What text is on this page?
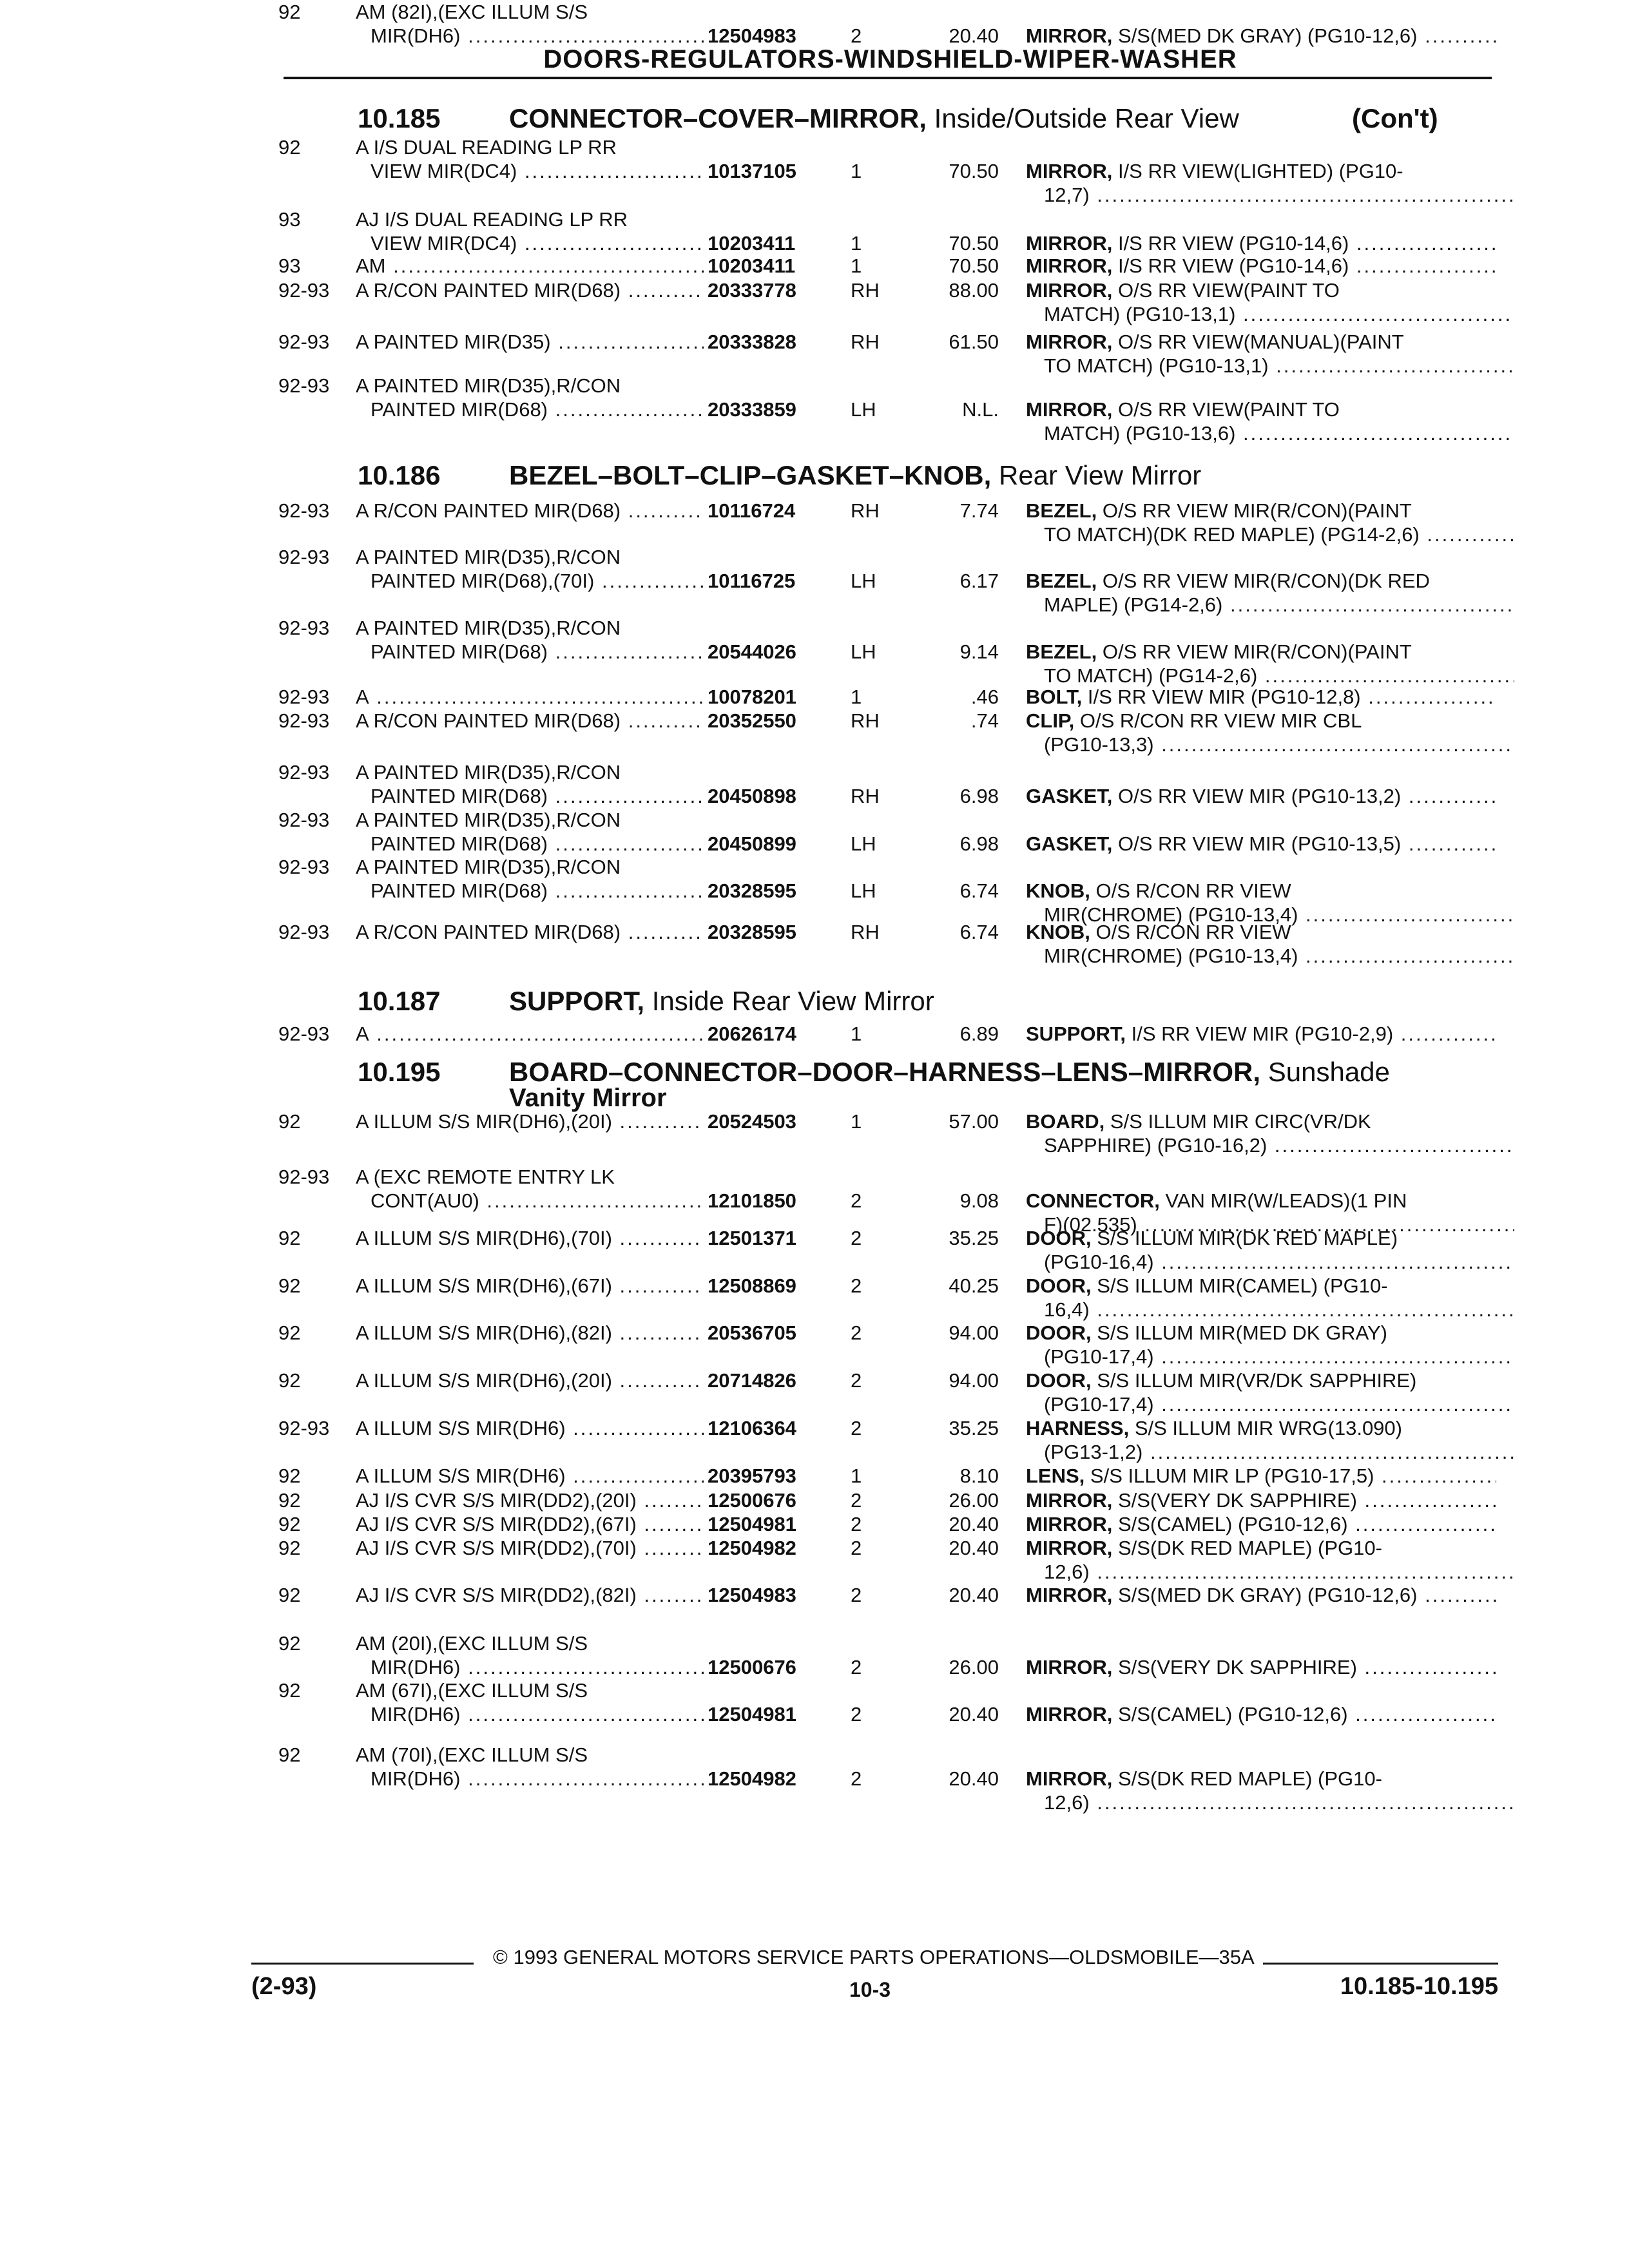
DOORS-REGULATORS-WINDSHIELD-WIPER-WASHER
10.185	CONNECTOR–COVER–MIRROR, Inside/Outside Rear View	(Con't)
10.186	BEZEL–BOLT–CLIP–GASKET–KNOB, Rear View Mirror
10.187	SUPPORT, Inside Rear View Mirror
10.195	BOARD–CONNECTOR–DOOR–HARNESS–LENS–MIRROR, Sunshade
Vanity Mirror
92	A I/S DUAL READING LP RR
VIEW MIR(DC4) .....	10137105	1	70.50 MIRROR, I/S RR VIEW(LIGHTED) (PG10-
12,7) .....
93	AJ I/S DUAL READING LP RR
VIEW MIR(DC4) .....	10203411	1	70.50 MIRROR, I/S RR VIEW (PG10-14,6) .....
93	AM .....	10203411	1	70.50 MIRROR, I/S RR VIEW (PG10-14,6) .....
92-93	A R/CON PAINTED MIR(D68) .....	20333778	RH	88.00 MIRROR, O/S RR VIEW(PAINT TO
MATCH) (PG10-13,1) .....
92-93	A PAINTED MIR(D35) .....	20333828	RH	61.50 MIRROR, O/S RR VIEW(MANUAL)(PAINT
TO MATCH) (PG10-13,1) .....
92-93	A PAINTED MIR(D35),R/CON
PAINTED MIR(D68) .....	20333859	LH	N.L. MIRROR, O/S RR VIEW(PAINT TO
MATCH) (PG10-13,6) .....
92-93	A R/CON PAINTED MIR(D68) .....	10116724	RH	7.74 BEZEL, O/S RR VIEW MIR(R/CON)(PAINT
TO MATCH)(DK RED MAPLE) (PG14-2,6) .....
92-93	A PAINTED MIR(D35),R/CON
PAINTED MIR(D68),(70I) .....	10116725	LH	6.17 BEZEL, O/S RR VIEW MIR(R/CON)(DK RED
MAPLE) (PG14-2,6) .....
92-93	A PAINTED MIR(D35),R/CON
PAINTED MIR(D68) .....	20544026	LH	9.14 BEZEL, O/S RR VIEW MIR(R/CON)(PAINT
TO MATCH) (PG14-2,6) .....
92-93	A .....	10078201	1	.46 BOLT, I/S RR VIEW MIR (PG10-12,8) .....
92-93	A R/CON PAINTED MIR(D68) .....	20352550	RH	.74 CLIP, O/S R/CON RR VIEW MIR CBL
(PG10-13,3) .....
92-93	A PAINTED MIR(D35),R/CON
PAINTED MIR(D68) .....	20450898	RH	6.98 GASKET, O/S RR VIEW MIR (PG10-13,2) .....
92-93	A PAINTED MIR(D35),R/CON
PAINTED MIR(D68) .....	20450899	LH	6.98 GASKET, O/S RR VIEW MIR (PG10-13,5) .....
92-93	A PAINTED MIR(D35),R/CON
PAINTED MIR(D68) .....	20328595	LH	6.74 KNOB, O/S R/CON RR VIEW
MIR(CHROME) (PG10-13,4) .....
92-93	A R/CON PAINTED MIR(D68) .....	20328595	RH	6.74 KNOB, O/S R/CON RR VIEW
MIR(CHROME) (PG10-13,4) .....
92-93	A .....	20626174	1	6.89 SUPPORT, I/S RR VIEW MIR (PG10-2,9) .....
92	A ILLUM S/S MIR(DH6),(20I) .....	20524503	1	57.00 BOARD, S/S ILLUM MIR CIRC(VR/DK
SAPPHIRE) (PG10-16,2) .....
92-93	A (EXC REMOTE ENTRY LK
CONT(AU0) .....	12101850	2	9.08 CONNECTOR, VAN MIR(W/LEADS)(1 PIN
F)(02.535) .....
92	A ILLUM S/S MIR(DH6),(70I) .....	12501371	2	35.25 DOOR, S/S ILLUM MIR(DK RED MAPLE)
(PG10-16,4) .....
92	A ILLUM S/S MIR(DH6),(67I) .....	12508869	2	40.25 DOOR, S/S ILLUM MIR(CAMEL) (PG10-
16,4) .....
92	A ILLUM S/S MIR(DH6),(82I) .....	20536705	2	94.00 DOOR, S/S ILLUM MIR(MED DK GRAY)
(PG10-17,4) .....
92	A ILLUM S/S MIR(DH6),(20I) .....	20714826	2	94.00 DOOR, S/S ILLUM MIR(VR/DK SAPPHIRE)
(PG10-17,4) .....
92-93	A ILLUM S/S MIR(DH6) .....	12106364	2	35.25 HARNESS, S/S ILLUM MIR WRG(13.090)
(PG13-1,2) .....
92	A ILLUM S/S MIR(DH6) .....	20395793	1	8.10 LENS, S/S ILLUM MIR LP (PG10-17,5) .....
92	AJ I/S CVR S/S MIR(DD2),(20I) .....	12500676	2	26.00 MIRROR, S/S(VERY DK SAPPHIRE) .....
92	AJ I/S CVR S/S MIR(DD2),(67I) .....	12504981	2	20.40 MIRROR, S/S(CAMEL) (PG10-12,6) .....
92	AJ I/S CVR S/S MIR(DD2),(70I) .....	12504982	2	20.40 MIRROR, S/S(DK RED MAPLE) (PG10-
12,6) .....
92	AJ I/S CVR S/S MIR(DD2),(82I) .....	12504983	2	20.40 MIRROR, S/S(MED DK GRAY) (PG10-12,6) .....
92	AM (20I),(EXC ILLUM S/S
MIR(DH6) .....	12500676	2	26.00 MIRROR, S/S(VERY DK SAPPHIRE) .....
92	AM (67I),(EXC ILLUM S/S
MIR(DH6) .....	12504981	2	20.40 MIRROR, S/S(CAMEL) (PG10-12,6) .....
92	AM (70I),(EXC ILLUM S/S
MIR(DH6) .....	12504982	2	20.40 MIRROR, S/S(DK RED MAPLE) (PG10-
12,6) .....
92	AM (82I),(EXC ILLUM S/S
MIR(DH6) .....	12504983	2	20.40 MIRROR, S/S(MED DK GRAY) (PG10-12,6) .....
© 1993 GENERAL MOTORS SERVICE PARTS OPERATIONS—OLDSMOBILE—35A
(2-93)	10-3	10.185-10.195
